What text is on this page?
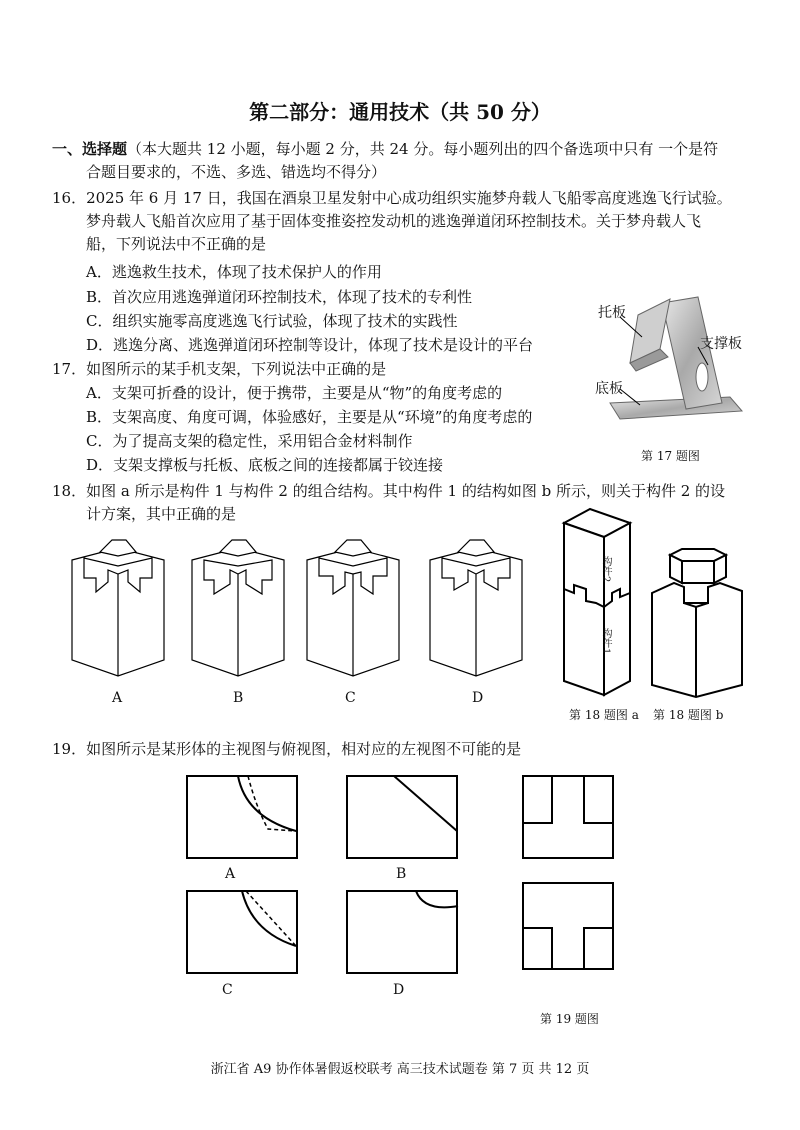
第二部分：通用技术（共 50 分）
一、选择题（本大题共 12 小题，每小题 2 分，共 24 分。每小题列出的四个备选项中只有 一个是符
合题目要求的，不选、多选、错选均不得分）
16．2025 年 6 月 17 日，我国在酒泉卫星发射中心成功组织实施梦舟载人飞船零高度逃逸飞行试验。
梦舟载人飞船首次应用了基于固体变推姿控发动机的逃逸弹道闭环控制技术。关于梦舟载人飞
船，下列说法中不正确的是
A．逃逸救生技术，体现了技术保护人的作用
B．首次应用逃逸弹道闭环控制技术，体现了技术的专利性
C．组织实施零高度逃逸飞行试验，体现了技术的实践性
D．逃逸分离、逃逸弹道闭环控制等设计，体现了技术是设计的平台
17．如图所示的某手机支架，下列说法中正确的是
A．支架可折叠的设计，便于携带，主要是从“物”的角度考虑的
B．支架高度、角度可调，体验感好，主要是从“环境”的角度考虑的
C．为了提高支架的稳定性，采用铝合金材料制作
D．支架支撑板与托板、底板之间的连接都属于铰连接
托板
支撑板
底板
第 17 题图
18．如图 a 所示是构件 1 与构件 2 的组合结构。其中构件 1 的结构如图 b 所示，则关于构件 2 的设
计方案，其中正确的是
A	B	C	D
构件2
构件1
第 18 题图 a 第 18 题图 b
19．如图所示是某形体的主视图与俯视图，相对应的左视图不可能的是
A	B
C	D
第 19 题图
浙江省 A9 协作体暑假返校联考 高三技术试题卷 第 7 页 共 12 页
